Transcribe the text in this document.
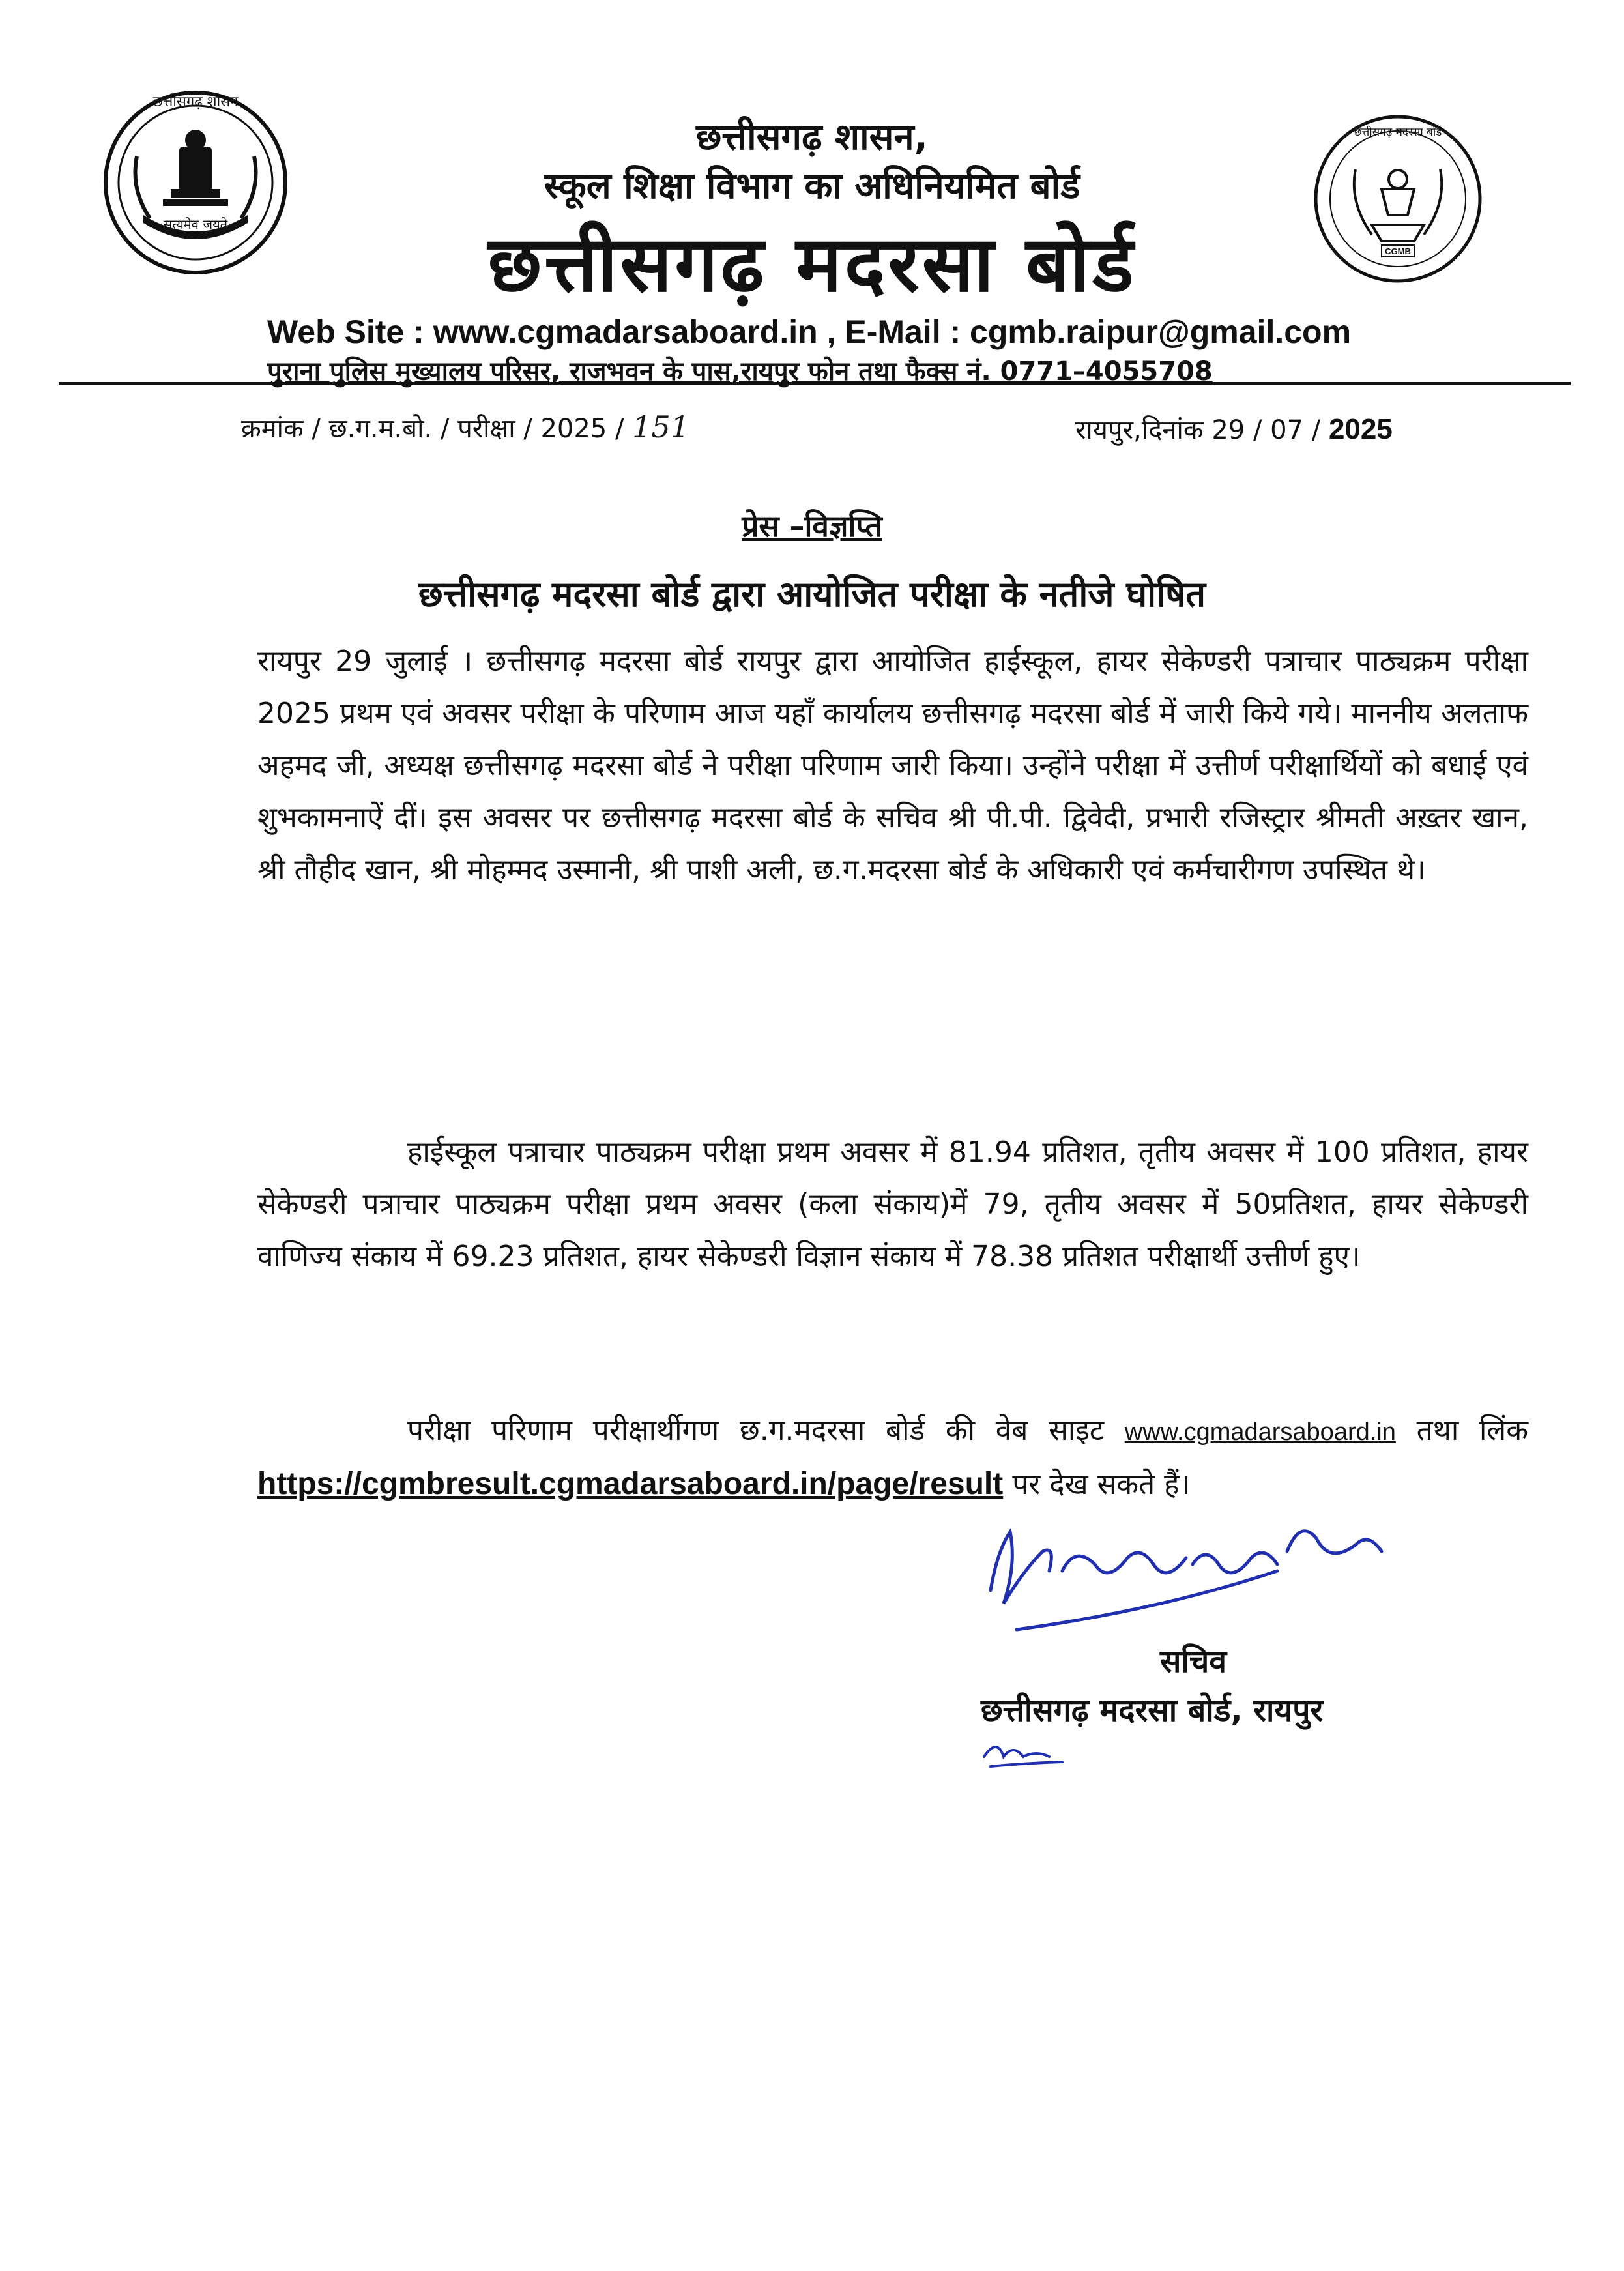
सत्यमेव जयते
छत्तीसगढ़ शासन
छत्तीसगढ़ मदरसा बोर्ड
CGMB
छत्तीसगढ़ शासन,
स्कूल शिक्षा विभाग का अधिनियमित बोर्ड
छत्तीसगढ़ मदरसा बोर्ड
Web Site : www.cgmadarsaboard.in , E-Mail : cgmb.raipur@gmail.com
पुराना पुलिस मुख्यालय परिसर, राजभवन के पास,रायपुर फोन तथा फैक्स नं. 0771–4055708
क्रमांक / छ.ग.म.बो. / परीक्षा / 2025 / 151	रायपुर,दिनांक 29 / 07 / 2025
प्रेस –विज्ञप्ति
छत्तीसगढ़ मदरसा बोर्ड द्वारा आयोजित परीक्षा के नतीजे घोषित
रायपुर 29 जुलाई । छत्तीसगढ़ मदरसा बोर्ड रायपुर द्वारा आयोजित हाईस्कूल, हायर सेकेण्डरी पत्राचार पाठ्यक्रम परीक्षा 2025 प्रथम एवं अवसर परीक्षा के परिणाम आज यहाँ कार्यालय छत्तीसगढ़ मदरसा बोर्ड में जारी किये गये। माननीय अलताफ अहमद जी, अध्यक्ष छत्तीसगढ़ मदरसा बोर्ड ने परीक्षा परिणाम जारी किया। उन्होंने परीक्षा में उत्तीर्ण परीक्षार्थियों को बधाई एवं शुभकामनाऐं दीं। इस अवसर पर छत्तीसगढ़ मदरसा बोर्ड के सचिव श्री पी.पी. द्विवेदी, प्रभारी रजिस्ट्रार श्रीमती अख़्तर खान, श्री तौहीद खान, श्री मोहम्मद उस्मानी, श्री पाशी अली, छ.ग.मदरसा बोर्ड के अधिकारी एवं कर्मचारीगण उपस्थित थे।
हाईस्कूल पत्राचार पाठ्यक्रम परीक्षा प्रथम अवसर में 81.94 प्रतिशत, तृतीय अवसर में 100 प्रतिशत, हायर सेकेण्डरी पत्राचार पाठ्यक्रम परीक्षा प्रथम अवसर (कला संकाय)में 79, तृतीय अवसर में 50प्रतिशत, हायर सेकेण्डरी वाणिज्य संकाय में 69.23 प्रतिशत, हायर सेकेण्डरी विज्ञान संकाय में 78.38 प्रतिशत परीक्षार्थी उत्तीर्ण हुए।
परीक्षा परिणाम परीक्षार्थीगण छ.ग.मदरसा बोर्ड की वेब साइट www.cgmadarsaboard.in तथा लिंक https://cgmbresult.cgmadarsaboard.in/page/result पर देख सकते हैं।
सचिव
छत्तीसगढ़ मदरसा बोर्ड, रायपुर
